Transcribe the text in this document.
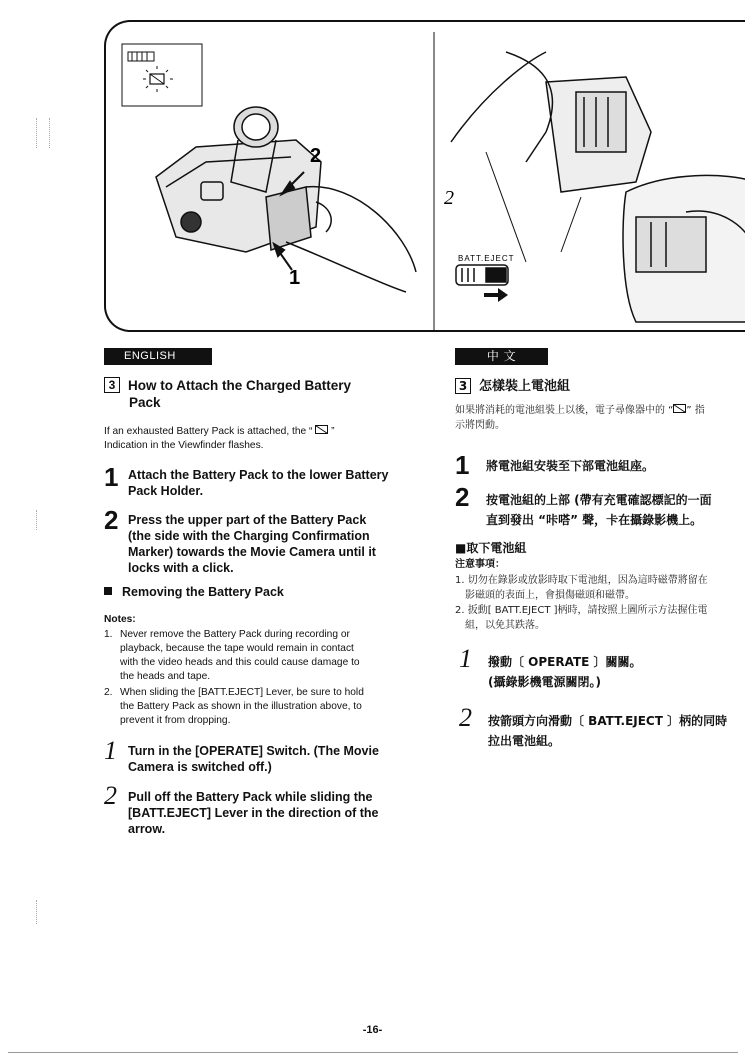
2
1
2
BATT.EJECT
ENGLISH
3 How to Attach the Charged Battery
Pack
If an exhausted Battery Pack is attached, the “  ”
Indication in the Viewfinder flashes.
1 Attach the Battery Pack to the lower Battery
Pack Holder.
2 Press the upper part of the Battery Pack
(the side with the Charging Confirmation
Marker) towards the Movie Camera until it
locks with a click.
Removing the Battery Pack
Notes:
1. Never remove the Battery Pack during recording or
playback, because the tape would remain in contact
with the video heads and this could cause damage to
the heads and tape.
2. When sliding the [BATT.EJECT] Lever, be sure to hold
the Battery Pack as shown in the illustration above, to
prevent it from dropping.
1 Turn in the [OPERATE] Switch. (The Movie
Camera is switched off.)
2 Pull off the Battery Pack while sliding the
[BATT.EJECT] Lever in the direction of the
arrow.
中 文
3 怎樣裝上電池組
如果將消耗的電池組裝上以後，電子尋像器中的 “ ” 指
示將閃動。
1 將電池組安裝至下部電池組座。
2 按電池組的上部 (帶有充電確認標記的一面
直到發出 “咔嗒” 聲，卡在攝錄影機上。
■取下電池組
注意事項：
1. 切勿在錄影或放影時取下電池組，因為這時磁帶將留在
影磁頭的表面上，會損傷磁頭和磁帶。
2. 扳動[ BATT.EJECT ]柄時，請按照上圖所示方法握住電
組，以免其跌落。
1 撥動〔 OPERATE 〕關關。
(攝錄影機電源關閉。)
2 按箭頭方向滑動〔 BATT.EJECT 〕柄的同時
拉出電池組。
-16-
